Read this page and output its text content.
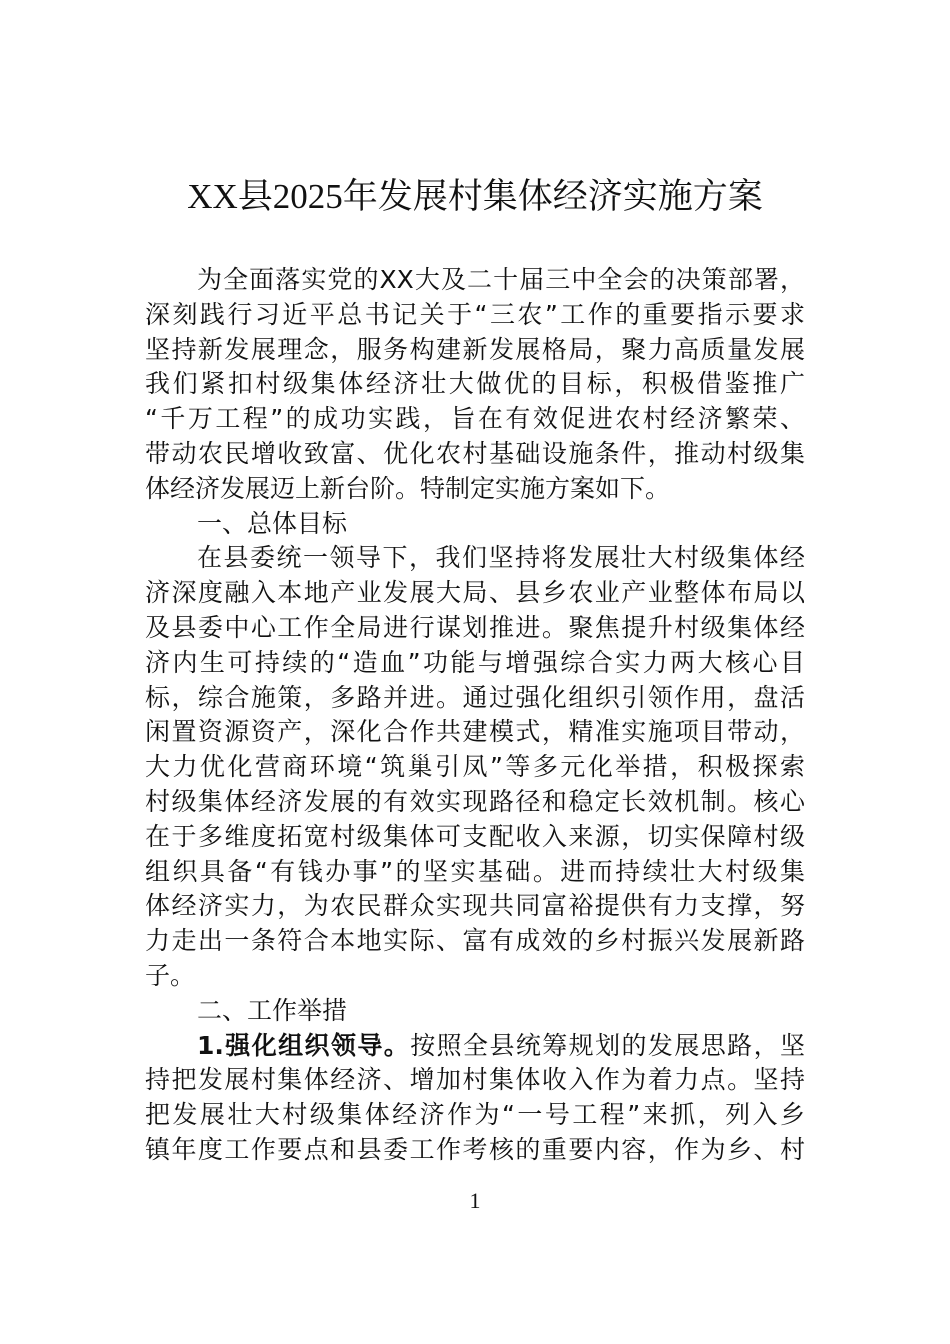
XX县2025年发展村集体经济实施方案
为全面落实党的XX大及二十届三中全会的决策部署，
深刻践行习近平总书记关于“三农”工作的重要指示要求
坚持新发展理念，服务构建新发展格局，聚力高质量发展
我们紧扣村级集体经济壮大做优的目标，积极借鉴推广
“千万工程”的成功实践，旨在有效促进农村经济繁荣、
带动农民增收致富、优化农村基础设施条件，推动村级集
体经济发展迈上新台阶。特制定实施方案如下。
一、总体目标
在县委统一领导下，我们坚持将发展壮大村级集体经
济深度融入本地产业发展大局、县乡农业产业整体布局以
及县委中心工作全局进行谋划推进。聚焦提升村级集体经
济内生可持续的“造血”功能与增强综合实力两大核心目
标，综合施策，多路并进。通过强化组织引领作用，盘活
闲置资源资产，深化合作共建模式，精准实施项目带动，
大力优化营商环境“筑巢引凤”等多元化举措，积极探索
村级集体经济发展的有效实现路径和稳定长效机制。核心
在于多维度拓宽村级集体可支配收入来源，切实保障村级
组织具备“有钱办事”的坚实基础。进而持续壮大村级集
体经济实力，为农民群众实现共同富裕提供有力支撑，努
力走出一条符合本地实际、富有成效的乡村振兴发展新路
子。
二、工作举措
1.强化组织领导。按照全县统筹规划的发展思路，坚
持把发展村集体经济、增加村集体收入作为着力点。坚持
把发展壮大村级集体经济作为“一号工程”来抓，列入乡
镇年度工作要点和县委工作考核的重要内容，作为乡、村
1
